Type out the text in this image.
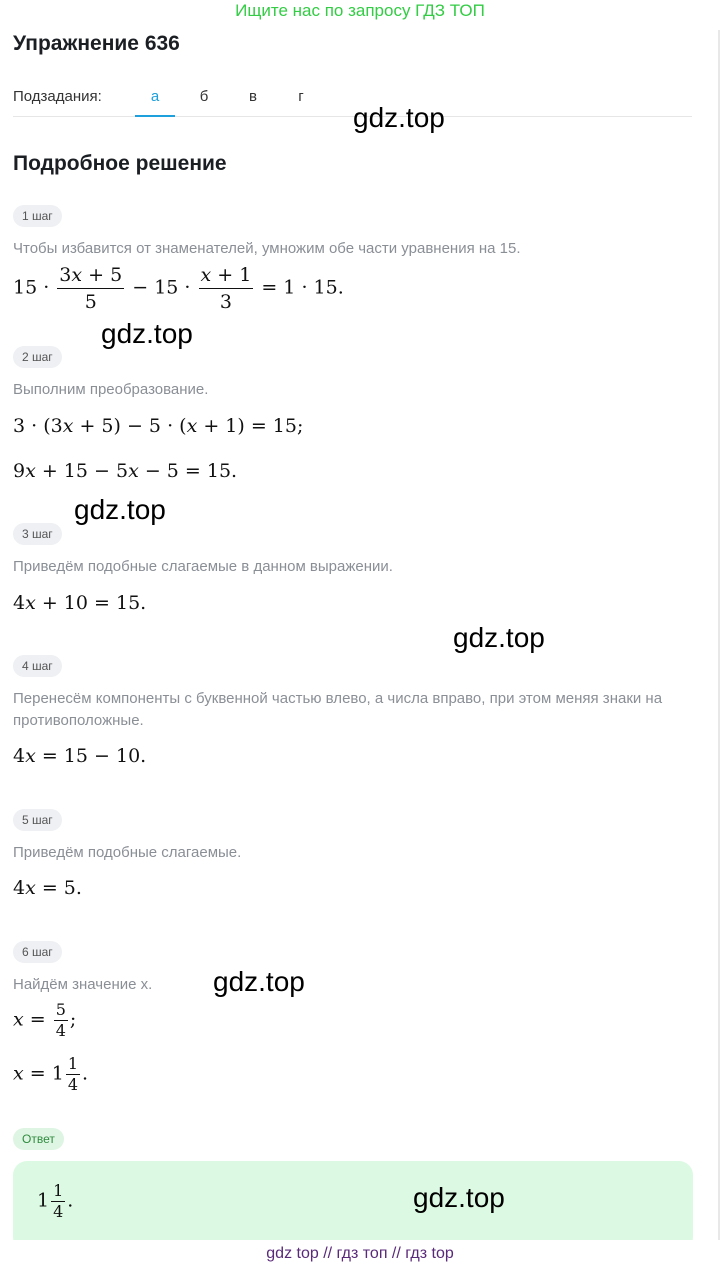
Ищите нас по запросу ГДЗ ТОП
Упражнение 636
Подзадания:	а	б	в	г
gdz.top
Подробное решение
1 шаг
Чтобы избавится от знаменателей, умножим обе части уравнения на 15.
$15 \cdot \frac{3x + 5}{5} - 15 \cdot \frac{x + 1}{3} = 1 \cdot 15$.
gdz.top
2 шаг
Выполним преобразование.
3 · (3x + 5) − 5 · (x + 1) = 15;
9x + 15 − 5x − 5 = 15.
gdz.top
3 шаг
Приведём подобные слагаемые в данном выражении.
4x + 10 = 15.
gdz.top
4 шаг
Перенесём компоненты с буквенной частью влево, а числа вправо, при этом меняя знаки на противоположные.
4x = 15 − 10.
5 шаг
Приведём подобные слагаемые.
4x = 5.
6 шаг
Найдём значение x.	gdz.top
$x = \frac{5}{4}$ ;
$x = 1 \frac{1}{4}$ .
Ответ
$1 \frac{1}{4}$ .	gdz.top
gdz top // гдз топ // гдз top
